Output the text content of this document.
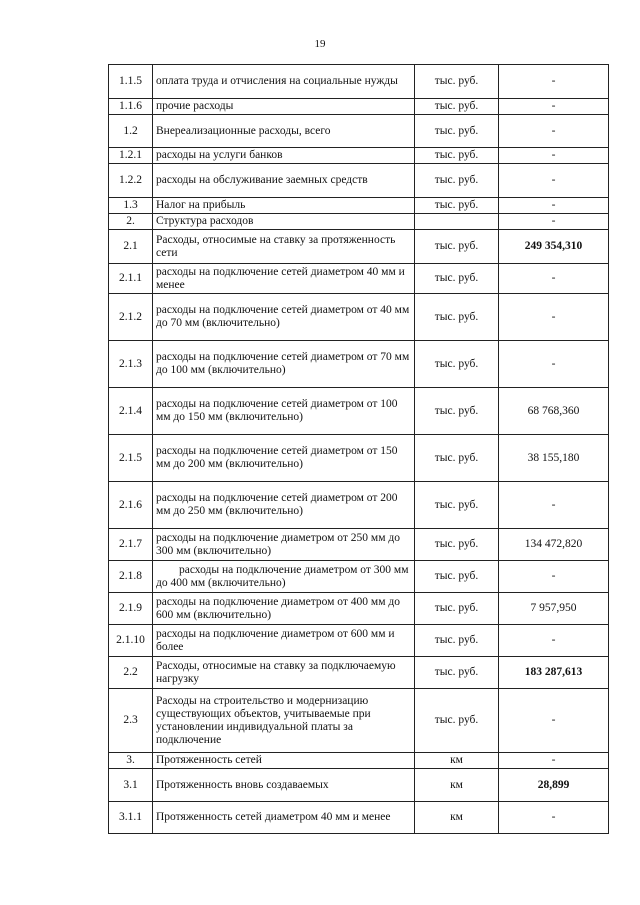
19
1.1.5	оплата труда и отчисления на социальные нужды	тыс. руб.	-
1.1.6	прочие расходы	тыс. руб.	-
1.2	Внереализационные расходы, всего	тыс. руб.	-
1.2.1	расходы на услуги банков	тыс. руб.	-
1.2.2	расходы на обслуживание заемных средств	тыс. руб.	-
1.3	Налог на прибыль	тыс. руб.	-
2.	Структура расходов		-
2.1	Расходы, относимые на ставку за протяженность сети	тыс. руб.	249 354,310
2.1.1	расходы на подключение сетей диаметром 40 мм и менее	тыс. руб.	-
2.1.2	расходы на подключение сетей диаметром от 40 мм до 70 мм (включительно)	тыс. руб.	-
2.1.3	расходы на подключение сетей диаметром от 70 мм до 100 мм (включительно)	тыс. руб.	-
2.1.4	расходы на подключение сетей диаметром от 100 мм до 150 мм (включительно)	тыс. руб.	68 768,360
2.1.5	расходы на подключение сетей диаметром от 150 мм до 200 мм (включительно)	тыс. руб.	38 155,180
2.1.6	расходы на подключение сетей диаметром от 200 мм до 250 мм (включительно)	тыс. руб.	-
2.1.7	расходы на подключение диаметром от 250 мм до 300 мм (включительно)	тыс. руб.	134 472,820
2.1.8	расходы на подключение диаметром от 300 мм до 400 мм (включительно)	тыс. руб.	-
2.1.9	расходы на подключение диаметром от 400 мм до 600 мм (включительно)	тыс. руб.	7 957,950
2.1.10	расходы на подключение диаметром от 600 мм и более	тыс. руб.	-
2.2	Расходы, относимые на ставку за подключаемую нагрузку	тыс. руб.	183 287,613
2.3	Расходы на строительство и модернизацию существующих объектов, учитываемые при установлении индивидуальной платы за подключение	тыс. руб.	-
3.	Протяженность сетей	км	-
3.1	Протяженность вновь создаваемых	км	28,899
3.1.1	Протяженность сетей диаметром 40 мм и менее	км	-
